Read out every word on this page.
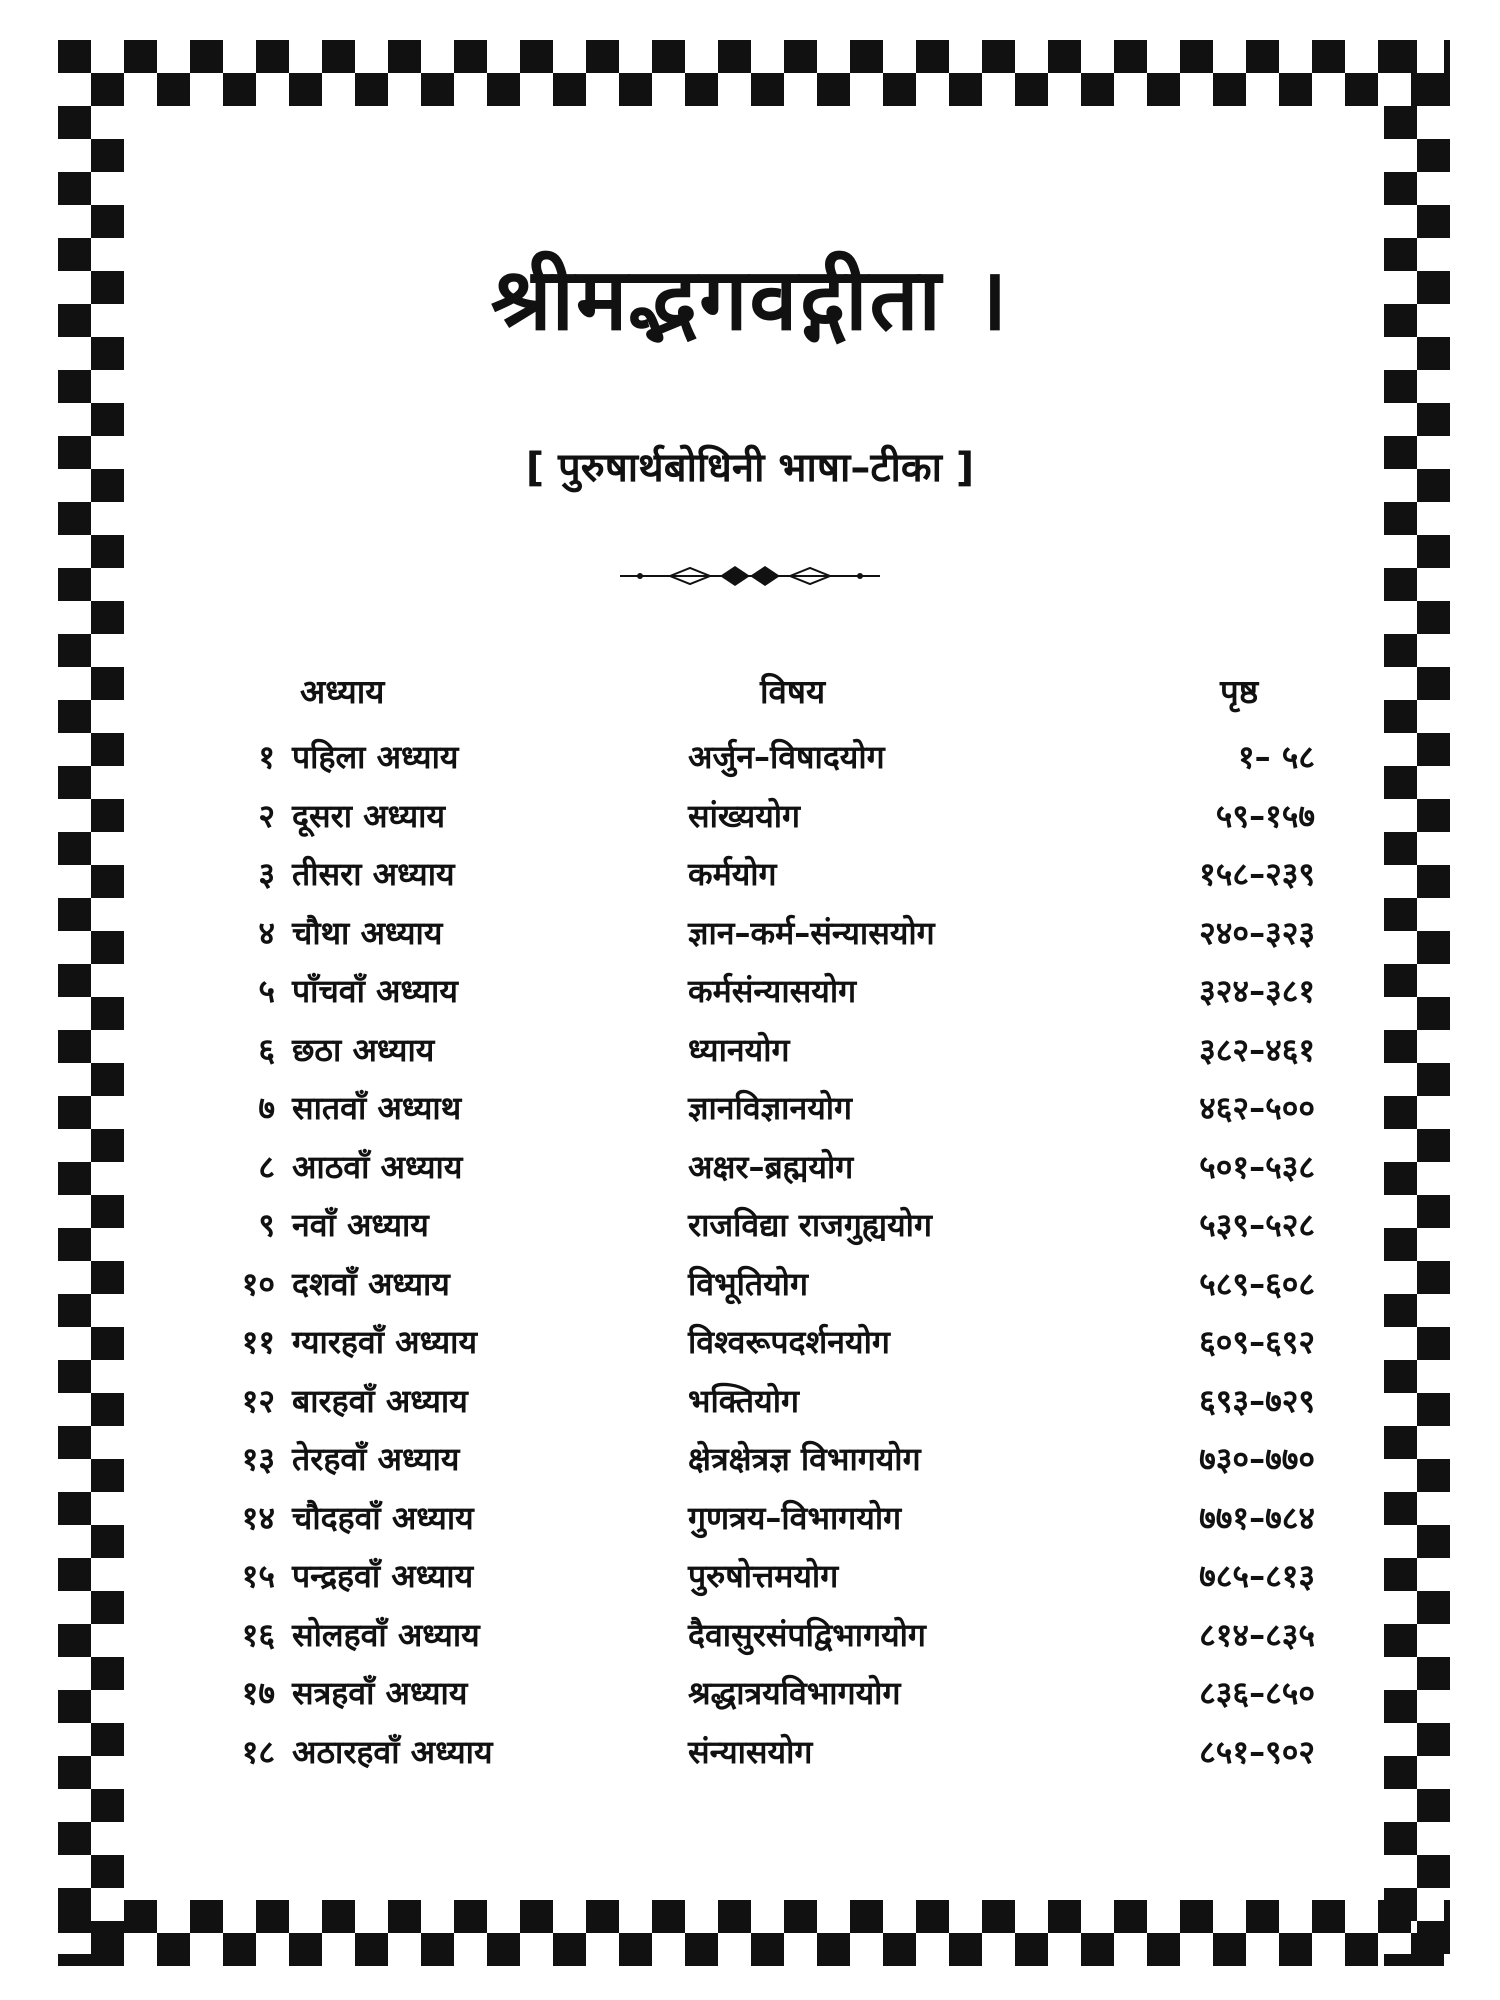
श्रीमद्भगवद्गीता ।
[ पुरुषार्थबोधिनी भाषा–टीका ]
अध्याय	विषय	पृष्ठ
१ पहिला अध्याय	अर्जुन–विषादयोग	१– ५८
२ दूसरा अध्याय	सांख्ययोग	५९–१५७
३ तीसरा अध्याय	कर्मयोग	१५८–२३९
४ चौथा अध्याय	ज्ञान–कर्म–संन्यासयोग	२४०–३२३
५ पाँचवाँ अध्याय	कर्मसंन्यासयोग	३२४–३८१
६ छठा अध्याय	ध्यानयोग	३८२–४६१
७ सातवाँ अध्याथ	ज्ञानविज्ञानयोग	४६२–५००
८ आठवाँ अध्याय	अक्षर–ब्रह्मयोग	५०१–५३८
९ नवाँ अध्याय	राजविद्या राजगुह्ययोग	५३९–५२८
१० दशवाँ अध्याय	विभूतियोग	५८९–६०८
११ ग्यारहवाँ अध्याय	विश्वरूपदर्शनयोग	६०९–६९२
१२ बारहवाँ अध्याय	भक्तियोग	६९३–७२९
१३ तेरहवाँ अध्याय	क्षेत्रक्षेत्रज्ञ विभागयोग	७३०–७७०
१४ चौदहवाँ अध्याय	गुणत्रय–विभागयोग	७७१–७८४
१५ पन्द्रहवाँ अध्याय	पुरुषोत्तमयोग	७८५–८१३
१६ सोलहवाँ अध्याय	दैवासुरसंपद्विभागयोग	८१४–८३५
१७ सत्रहवाँ अध्याय	श्रद्धात्रयविभागयोग	८३६–८५०
१८ अठारहवाँ अध्याय	संन्यासयोग	८५१–९०२
